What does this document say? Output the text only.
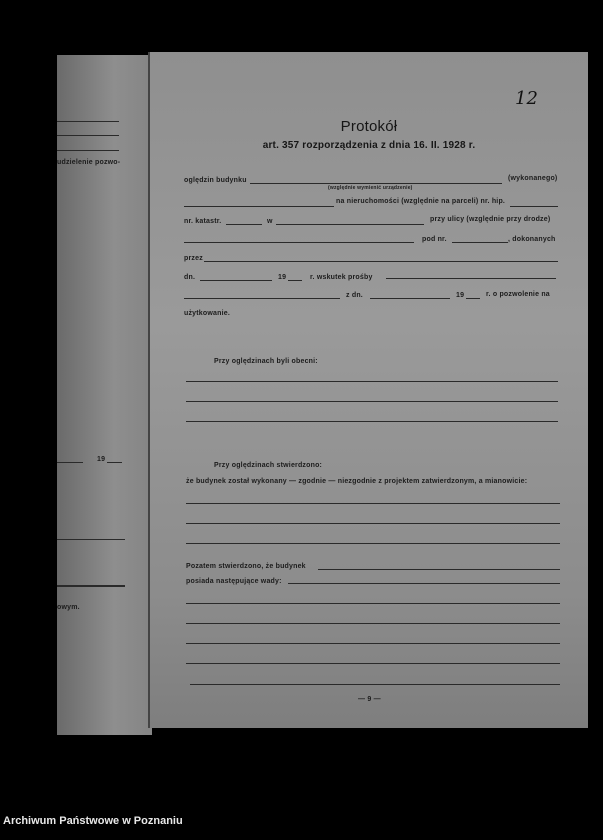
udzielenie pozwo-
19
owym.
Protokół
art. 357 rozporządzenia z dnia 16. II. 1928 r.
oględzin budynku	(wykonanego)
(względnie wymienić urządzenie)
na nieruchomości (względnie na parceli) nr. hip.
nr. katastr.	w	przy ulicy (względnie przy drodze)
pod nr.	, dokonanych
przez
dn.	19	r. wskutek prośby
z dn.	19	r. o pozwolenie na
użytkowanie.
Przy oględzinach byli obecni:
Przy oględzinach stwierdzono:
że budynek został wykonany — zgodnie — niezgodnie z projektem zatwierdzonym, a mianowicie:
Pozatem stwierdzono, że budynek
posiada następujące wady:
— 9 —
12
Archiwum Państwowe w Poznaniu
